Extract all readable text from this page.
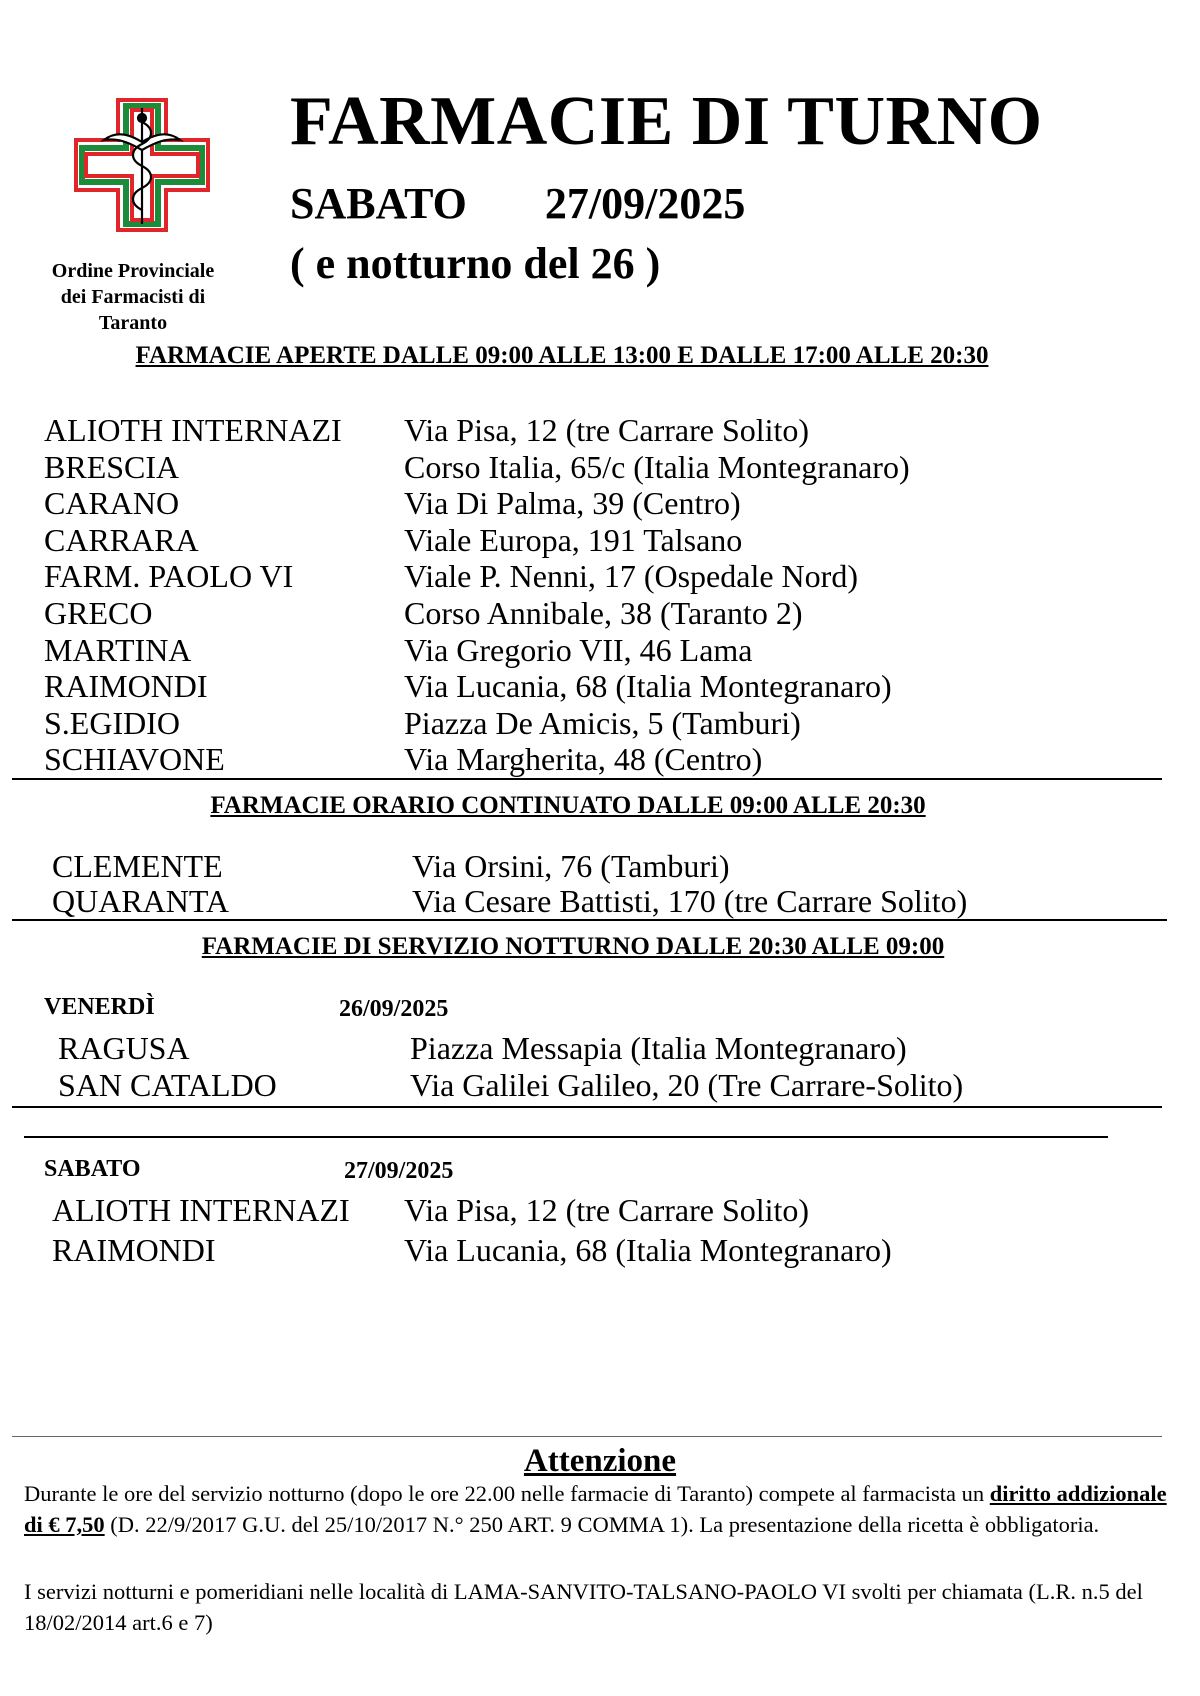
Ordine Provinciale
dei Farmacisti di
Taranto
FARMACIE DI TURNO
SABATO 27/09/2025
( e notturno del 26 )
FARMACIE APERTE DALLE 09:00 ALLE 13:00 E DALLE 17:00 ALLE 20:30
ALIOTH INTERNAZI Via Pisa, 12 (tre Carrare Solito)
BRESCIA	Corso Italia, 65/c (Italia Montegranaro)
CARANO	Via Di Palma, 39 (Centro)
CARRARA	Viale Europa, 191 Talsano
FARM. PAOLO VI	Viale P. Nenni, 17 (Ospedale Nord)
GRECO	Corso Annibale, 38 (Taranto 2)
MARTINA	Via Gregorio VII, 46 Lama
RAIMONDI	Via Lucania, 68 (Italia Montegranaro)
S.EGIDIO	Piazza De Amicis, 5 (Tamburi)
SCHIAVONE	Via Margherita, 48 (Centro)
FARMACIE ORARIO CONTINUATO DALLE 09:00 ALLE 20:30
CLEMENTE	Via Orsini, 76 (Tamburi)
QUARANTA	Via Cesare Battisti, 170 (tre Carrare Solito)
FARMACIE DI SERVIZIO NOTTURNO DALLE 20:30 ALLE 09:00
VENERDÌ	26/09/2025
RAGUSA	Piazza Messapia (Italia Montegranaro)
SAN CATALDO	Via Galilei Galileo, 20 (Tre Carrare-Solito)
SABATO	27/09/2025
ALIOTH INTERNAZI Via Pisa, 12 (tre Carrare Solito)
RAIMONDI	Via Lucania, 68 (Italia Montegranaro)
Attenzione
Durante le ore del servizio notturno (dopo le ore 22.00 nelle farmacie di Taranto) compete al farmacista un diritto addizionale di € 7,50 (D. 22/9/2017 G.U. del 25/10/2017 N.° 250 ART. 9 COMMA 1). La presentazione della ricetta è obbligatoria.
I servizi notturni e pomeridiani nelle località di LAMA-SANVITO-TALSANO-PAOLO VI svolti per chiamata (L.R. n.5 del 18/02/2014 art.6 e 7)
